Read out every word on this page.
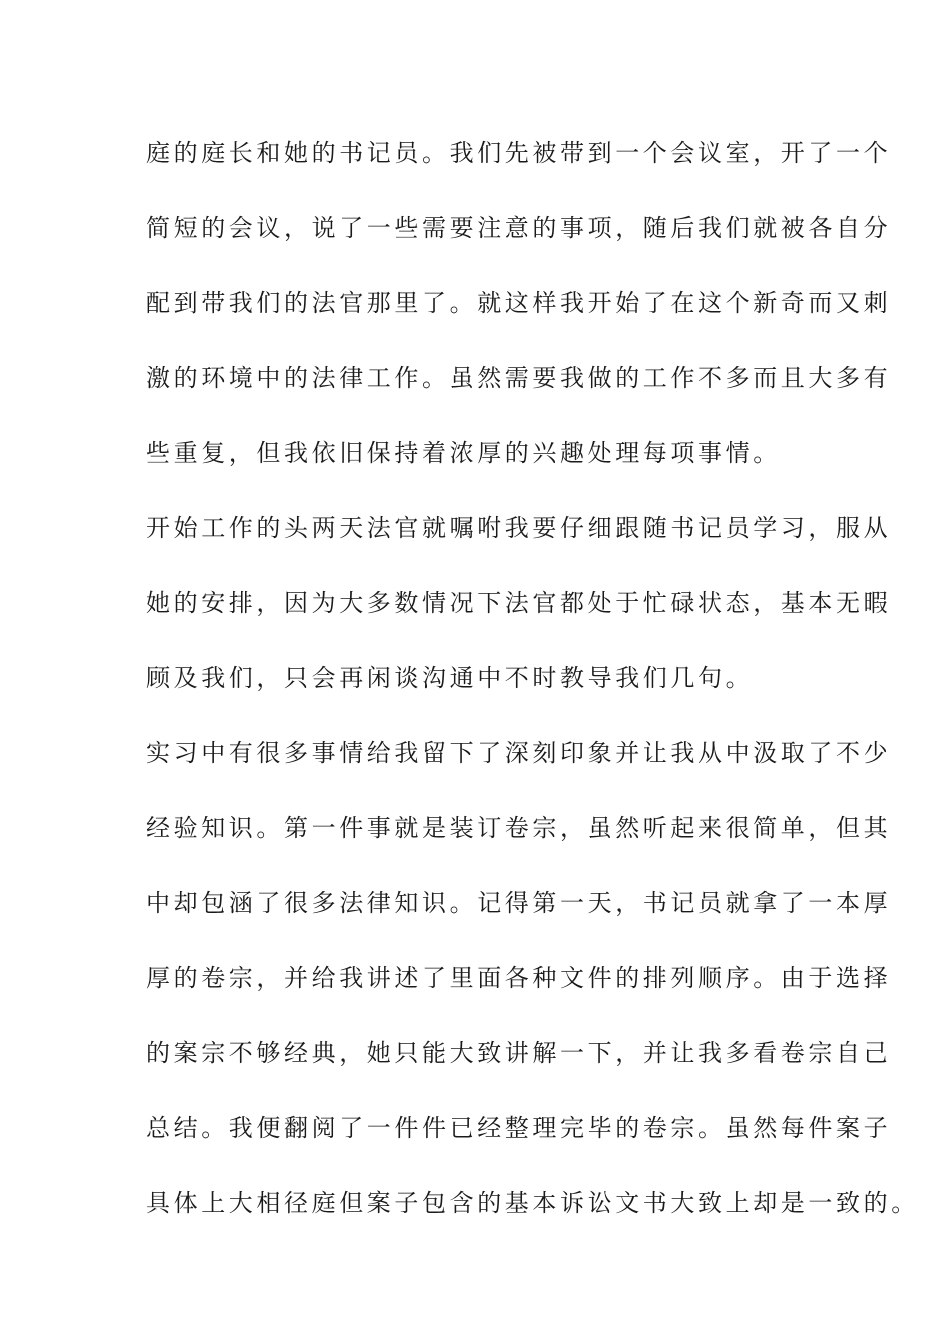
庭的庭长和她的书记员。我们先被带到一个会议室，开了一个
简短的会议，说了一些需要注意的事项，随后我们就被各自分
配到带我们的法官那里了。就这样我开始了在这个新奇而又刺
激的环境中的法律工作。虽然需要我做的工作不多而且大多有
些重复，但我依旧保持着浓厚的兴趣处理每项事情。
开始工作的头两天法官就嘱咐我要仔细跟随书记员学习，服从
她的安排，因为大多数情况下法官都处于忙碌状态，基本无暇
顾及我们，只会再闲谈沟通中不时教导我们几句。
实习中有很多事情给我留下了深刻印象并让我从中汲取了不少
经验知识。第一件事就是装订卷宗，虽然听起来很简单，但其
中却包涵了很多法律知识。记得第一天，书记员就拿了一本厚
厚的卷宗，并给我讲述了里面各种文件的排列顺序。由于选择
的案宗不够经典，她只能大致讲解一下，并让我多看卷宗自己
总结。我便翻阅了一件件已经整理完毕的卷宗。虽然每件案子
具体上大相径庭但案子包含的基本诉讼文书大致上却是一致的。
